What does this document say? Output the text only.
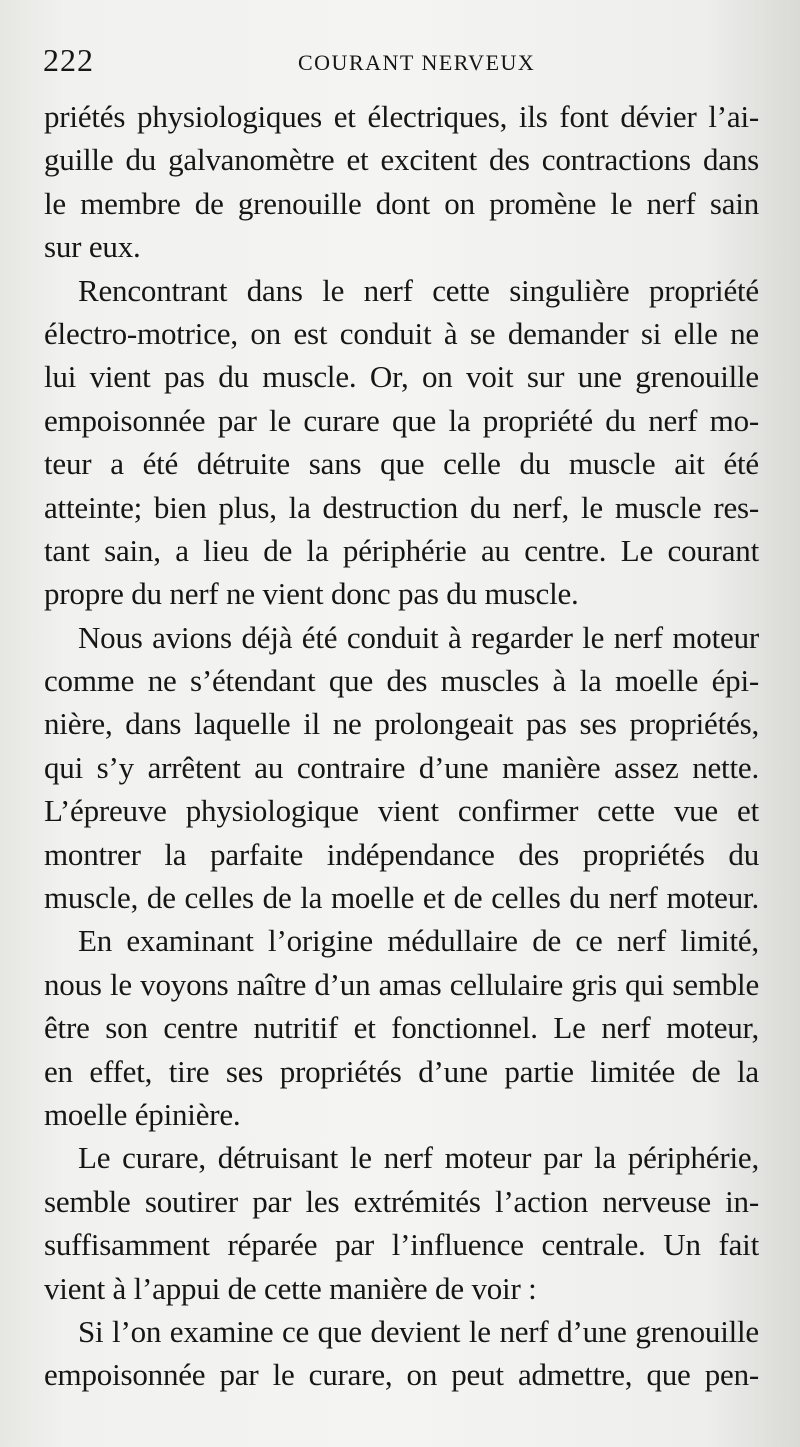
222	COURANT NERVEUX
priétés physiologiques et électriques, ils font dévier l’ai-
guille du galvanomètre et excitent des contractions dans
le membre de grenouille dont on promène le nerf sain
sur eux.
Rencontrant dans le nerf cette singulière propriété
électro-motrice, on est conduit à se demander si elle ne
lui vient pas du muscle. Or, on voit sur une grenouille
empoisonnée par le curare que la propriété du nerf mo-
teur a été détruite sans que celle du muscle ait été
atteinte; bien plus, la destruction du nerf, le muscle res-
tant sain, a lieu de la périphérie au centre. Le courant
propre du nerf ne vient donc pas du muscle.
Nous avions déjà été conduit à regarder le nerf moteur
comme ne s’étendant que des muscles à la moelle épi-
nière, dans laquelle il ne prolongeait pas ses propriétés,
qui s’y arrêtent au contraire d’une manière assez nette.
L’épreuve physiologique vient confirmer cette vue et
montrer la parfaite indépendance des propriétés du
muscle, de celles de la moelle et de celles du nerf moteur.
En examinant l’origine médullaire de ce nerf limité,
nous le voyons naître d’un amas cellulaire gris qui semble
être son centre nutritif et fonctionnel. Le nerf moteur,
en effet, tire ses propriétés d’une partie limitée de la
moelle épinière.
Le curare, détruisant le nerf moteur par la périphérie,
semble soutirer par les extrémités l’action nerveuse in-
suffisamment réparée par l’influence centrale. Un fait
vient à l’appui de cette manière de voir :
Si l’on examine ce que devient le nerf d’une grenouille
empoisonnée par le curare, on peut admettre, que pen-
